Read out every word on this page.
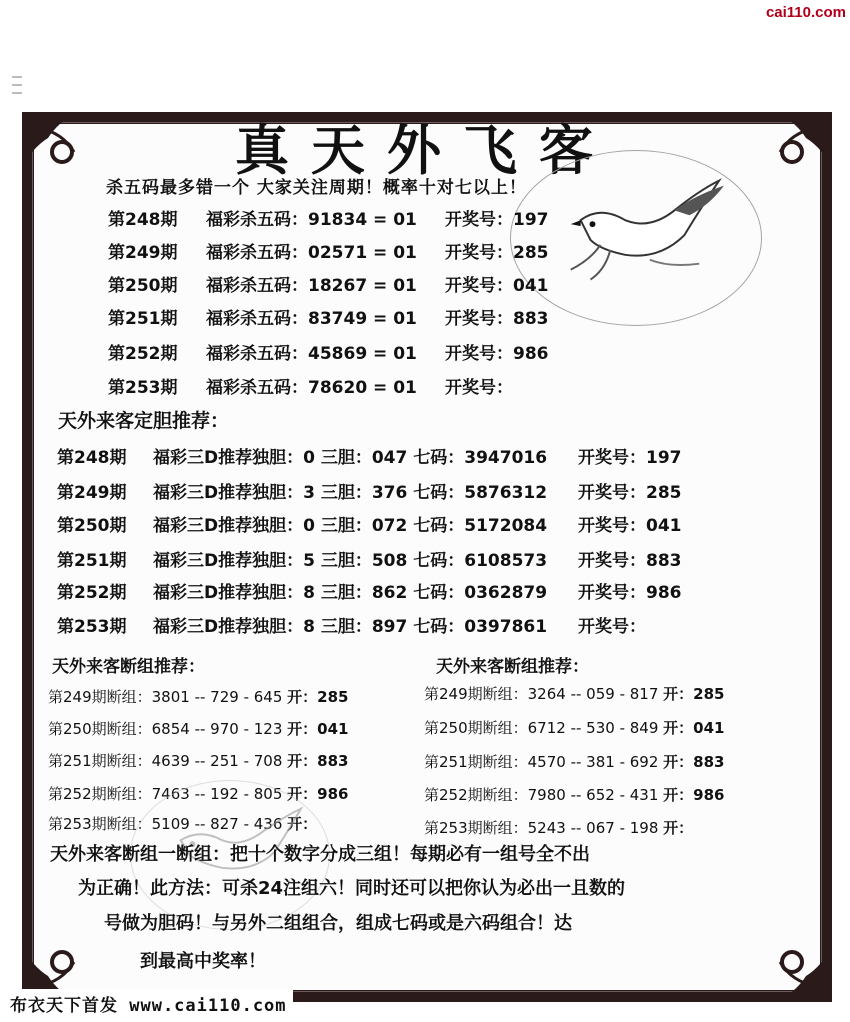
cai110.com
真天外飞客
杀五码最多错一个 大家关注周期！概率十对七以上！
第248期 福彩杀五码：91834 = 01 开奖号：197
第249期 福彩杀五码：02571 = 01 开奖号：285
第250期 福彩杀五码：18267 = 01 开奖号：041
第251期 福彩杀五码：83749 = 01 开奖号：883
第252期 福彩杀五码：45869 = 01 开奖号：986
第253期 福彩杀五码：78620 = 01 开奖号：
天外来客定胆推荐：
第248期 福彩三D推荐独胆：0 三胆：047 七码：3947016 开奖号：197
第249期 福彩三D推荐独胆：3 三胆：376 七码：5876312 开奖号：285
第250期 福彩三D推荐独胆：0 三胆：072 七码：5172084 开奖号：041
第251期 福彩三D推荐独胆：5 三胆：508 七码：6108573 开奖号：883
第252期 福彩三D推荐独胆：8 三胆：862 七码：0362879 开奖号：986
第253期 福彩三D推荐独胆：8 三胆：897 七码：0397861 开奖号：
天外来客断组推荐：	天外来客断组推荐：
第249期断组：3801 -- 729 - 645 开：285
第250期断组：6854 -- 970 - 123 开：041
第251期断组：4639 -- 251 - 708 开：883
第252期断组：7463 -- 192 - 805 开：986
第253期断组：5109 -- 827 - 436 开：
第249期断组：3264 -- 059 - 817 开：285
第250期断组：6712 -- 530 - 849 开：041
第251期断组：4570 -- 381 - 692 开：883
第252期断组：7980 -- 652 - 431 开：986
第253期断组：5243 -- 067 - 198 开：
天外来客断组一断组：把十个数字分成三组！每期必有一组号全不出
为正确！此方法：可杀24注组六！同时还可以把你认为必出一且数的
号做为胆码！与另外二组组合，组成七码或是六码组合！达
到最高中奖率！
布衣天下首发 www.cai110.com
